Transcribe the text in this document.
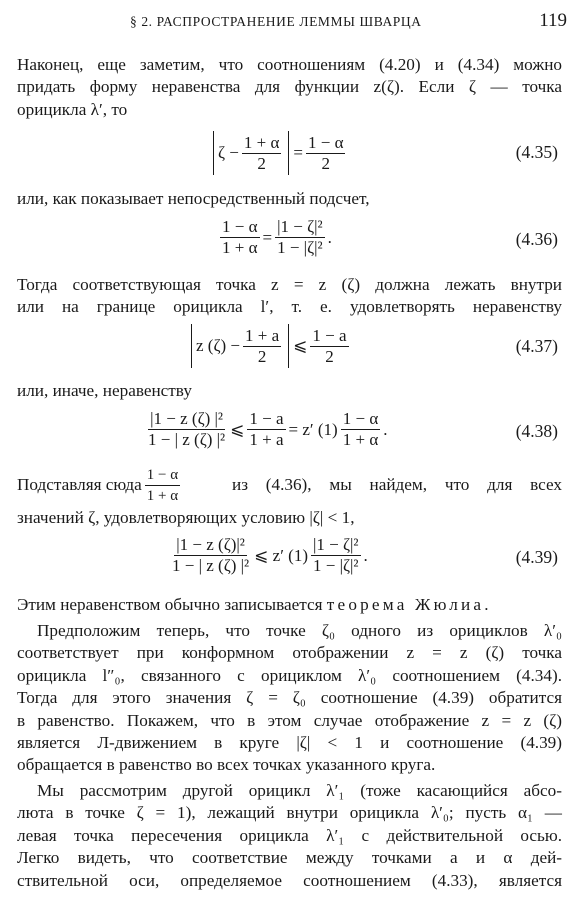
§ 2. РАСПРОСТРАНЕНИЕ ЛЕММЫ ШВАРЦА	119

Наконец, еще заметим, что соотношениям (4.20) и (4.34) можно
придать форму неравенства для функции z(ζ). Если ζ — точка
орицикла λ′, то

$\zeta - \frac{1 + \alpha}{2} = \frac{1 - \alpha}{2}$	(4.35)

или, как показывает непосредственный подсчет,

$\frac{1 - \alpha}{1 + \alpha} = \frac{\text{|1 − ζ|²}}{\text{1 − |ζ|²}}$ .	(4.36)

Тогда соответствующая точка z = z (ζ) должна лежать внутри
или на границе орицикла l′, т. е. удовлетворять неравенству

z $(\zeta) - \frac{1 + a}{2}$ ⩽ $\frac{1 - a}{2}$	(4.37)

или, иначе, неравенству

$\frac{\text{|1 − z (ζ) |²}}{\text{1 − | z (ζ) |²}}$ ⩽ $\frac{1 - a}{1 + a} = z'$ $(1) \frac{1 - \alpha}{1 + \alpha}$ .	(4.38)
Подставляя сюда $\frac{1 - \alpha}{1 + \alpha}$	из (4.36), мы найдем, что для всех
значений ζ, удовлетворяющих условию |ζ| < 1,
$\frac{\text{|1 − z (ζ)|²}}{\text{1 − | z (ζ) |²}}$ ⩽ z′ $(1) \frac{\text{|1 − ζ|²}}{\text{1 − |ζ|²}}$ .	(4.39)

Этим неравенством обычно записывается теорема Жюлиа.

Предположим теперь, что точке ζ₀ одного из орициклов λ′₀
соответствует при конформном отображении z = z (ζ) точка
орицикла l″₀, связанного с орициклом λ′₀ соотношением (4.34).
Тогда для этого значения ζ = ζ₀ соотношение (4.39) обратится
в равенство. Покажем, что в этом случае отображение z = z (ζ)
является Л-движением в круге |ζ| < 1 и соотношение (4.39)
обращается в равенство во всех точках указанного круга.

Мы рассмотрим другой орицикл λ′₁ (тоже касающийся абсо-
люта в точке ζ = 1), лежащий внутри орицикла λ′₀; пусть α₁ —
левая точка пересечения орицикла λ′₁ с действительной осью.
Легко видеть, что соответствие между точками a и α дей-
ствительной оси, определяемое соотношением (4.33), является
